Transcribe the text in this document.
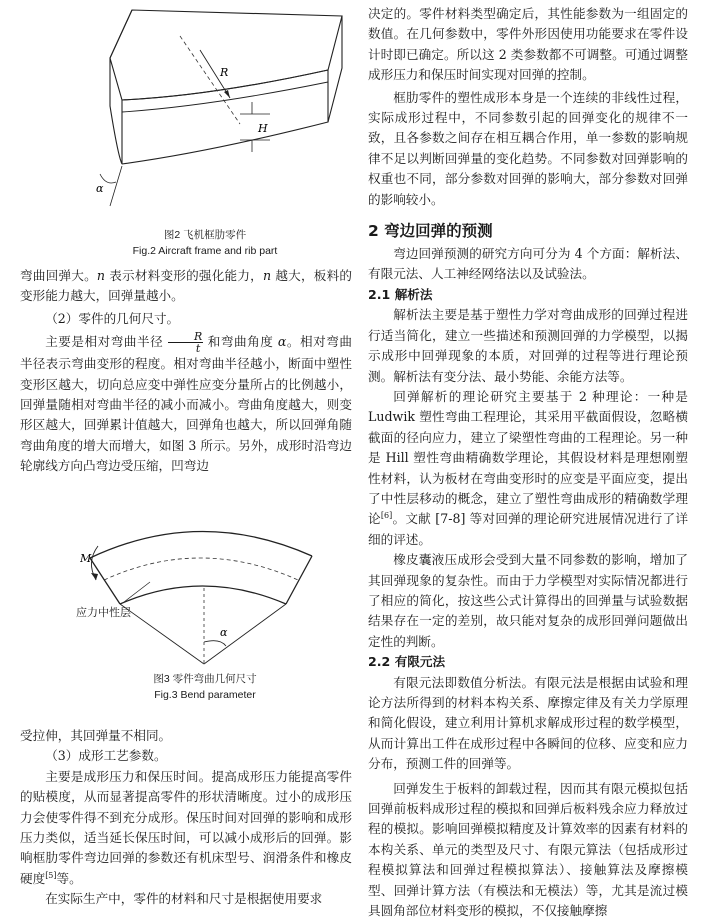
R
H
α
图2 飞机框肋零件
Fig.2 Aircraft frame and rib part

弯曲回弹大。n 表示材料变形的强化能力，n 越大，板料的变形能力越大，回弹量越小。

（2）零件的几何尺寸。

主要是相对弯曲半径 $\frac{R}{t}$ 和弯曲角度 α。相对弯曲半径表示弯曲变形的程度。相对弯曲半径越小，断面中塑性变形区越大，切向总应变中弹性应变分量所占的比例越小，回弹量随相对弯曲半径的减小而减小。弯曲角度越大，则变形区越大，回弹累计值越大，回弹角也越大，所以回弹角随弯曲角度的增大而增大，如图 3 所示。另外，成形时沿弯边轮廓线方向凸弯边受压缩，凹弯边

α
M
应力中性层
图3 零件弯曲几何尺寸
Fig.3 Bend parameter

受拉伸，其回弹量不相同。

（3）成形工艺参数。

主要是成形压力和保压时间。提高成形压力能提高零件的贴模度，从而显著提高零件的形状清晰度。过小的成形压力会使零件得不到充分成形。保压时间对回弹的影响和成形压力类似，适当延长保压时间，可以减小成形后的回弹。影响框肋零件弯边回弹的参数还有机床型号、润滑条件和橡皮硬度[5]等。

在实际生产中，零件的材料和尺寸是根据使用要求

决定的。零件材料类型确定后，其性能参数为一组固定的数值。在几何参数中，零件外形因使用功能要求在零件设计时即已确定。所以这 2 类参数都不可调整。可通过调整成形压力和保压时间实现对回弹的控制。

框肋零件的塑性成形本身是一个连续的非线性过程，实际成形过程中，不同参数引起的回弹变化的规律不一致，且各参数之间存在相互耦合作用，单一参数的影响规律不足以判断回弹量的变化趋势。不同参数对回弹影响的权重也不同，部分参数对回弹的影响大，部分参数对回弹的影响较小。

2 弯边回弹的预测

弯边回弹预测的研究方向可分为 4 个方面：解析法、有限元法、人工神经网络法以及试验法。

2.1 解析法

解析法主要是基于塑性力学对弯曲成形的回弹过程进行适当简化，建立一些描述和预测回弹的力学模型，以揭示成形中回弹现象的本质，对回弹的过程等进行理论预测。解析法有变分法、最小势能、余能方法等。

回弹解析的理论研究主要基于 2 种理论：一种是 Ludwik 塑性弯曲工程理论，其采用平截面假设，忽略横截面的径向应力，建立了梁塑性弯曲的工程理论。另一种是 Hill 塑性弯曲精确数学理论，其假设材料是理想刚塑性材料，认为板材在弯曲变形时的应变是平面应变，提出了中性层移动的概念，建立了塑性弯曲成形的精确数学理论[6]。文献 [7-8] 等对回弹的理论研究进展情况进行了详细的评述。

橡皮囊液压成形会受到大量不同参数的影响，增加了其回弹现象的复杂性。而由于力学模型对实际情况都进行了相应的简化，按这些公式计算得出的回弹量与试验数据结果存在一定的差别，故只能对复杂的成形回弹问题做出定性的判断。

2.2 有限元法

有限元法即数值分析法。有限元法是根据由试验和理论方法所得到的材料本构关系、摩擦定律及有关力学原理和简化假设，建立利用计算机求解成形过程的数学模型，从而计算出工件在成形过程中各瞬间的位移、应变和应力分布，预测工件的回弹等。

回弹发生于板料的卸载过程，因而其有限元模拟包括回弹前板料成形过程的模拟和回弹后板料残余应力释放过程的模拟。影响回弹模拟精度及计算效率的因素有材料的本构关系、单元的类型及尺寸、有限元算法（包括成形过程模拟算法和回弹过程模拟算法）、接触算法及摩擦模型、回弹计算方法（有模法和无模法）等，尤其是流过模具圆角部位材料变形的模拟，不仅接触摩擦
